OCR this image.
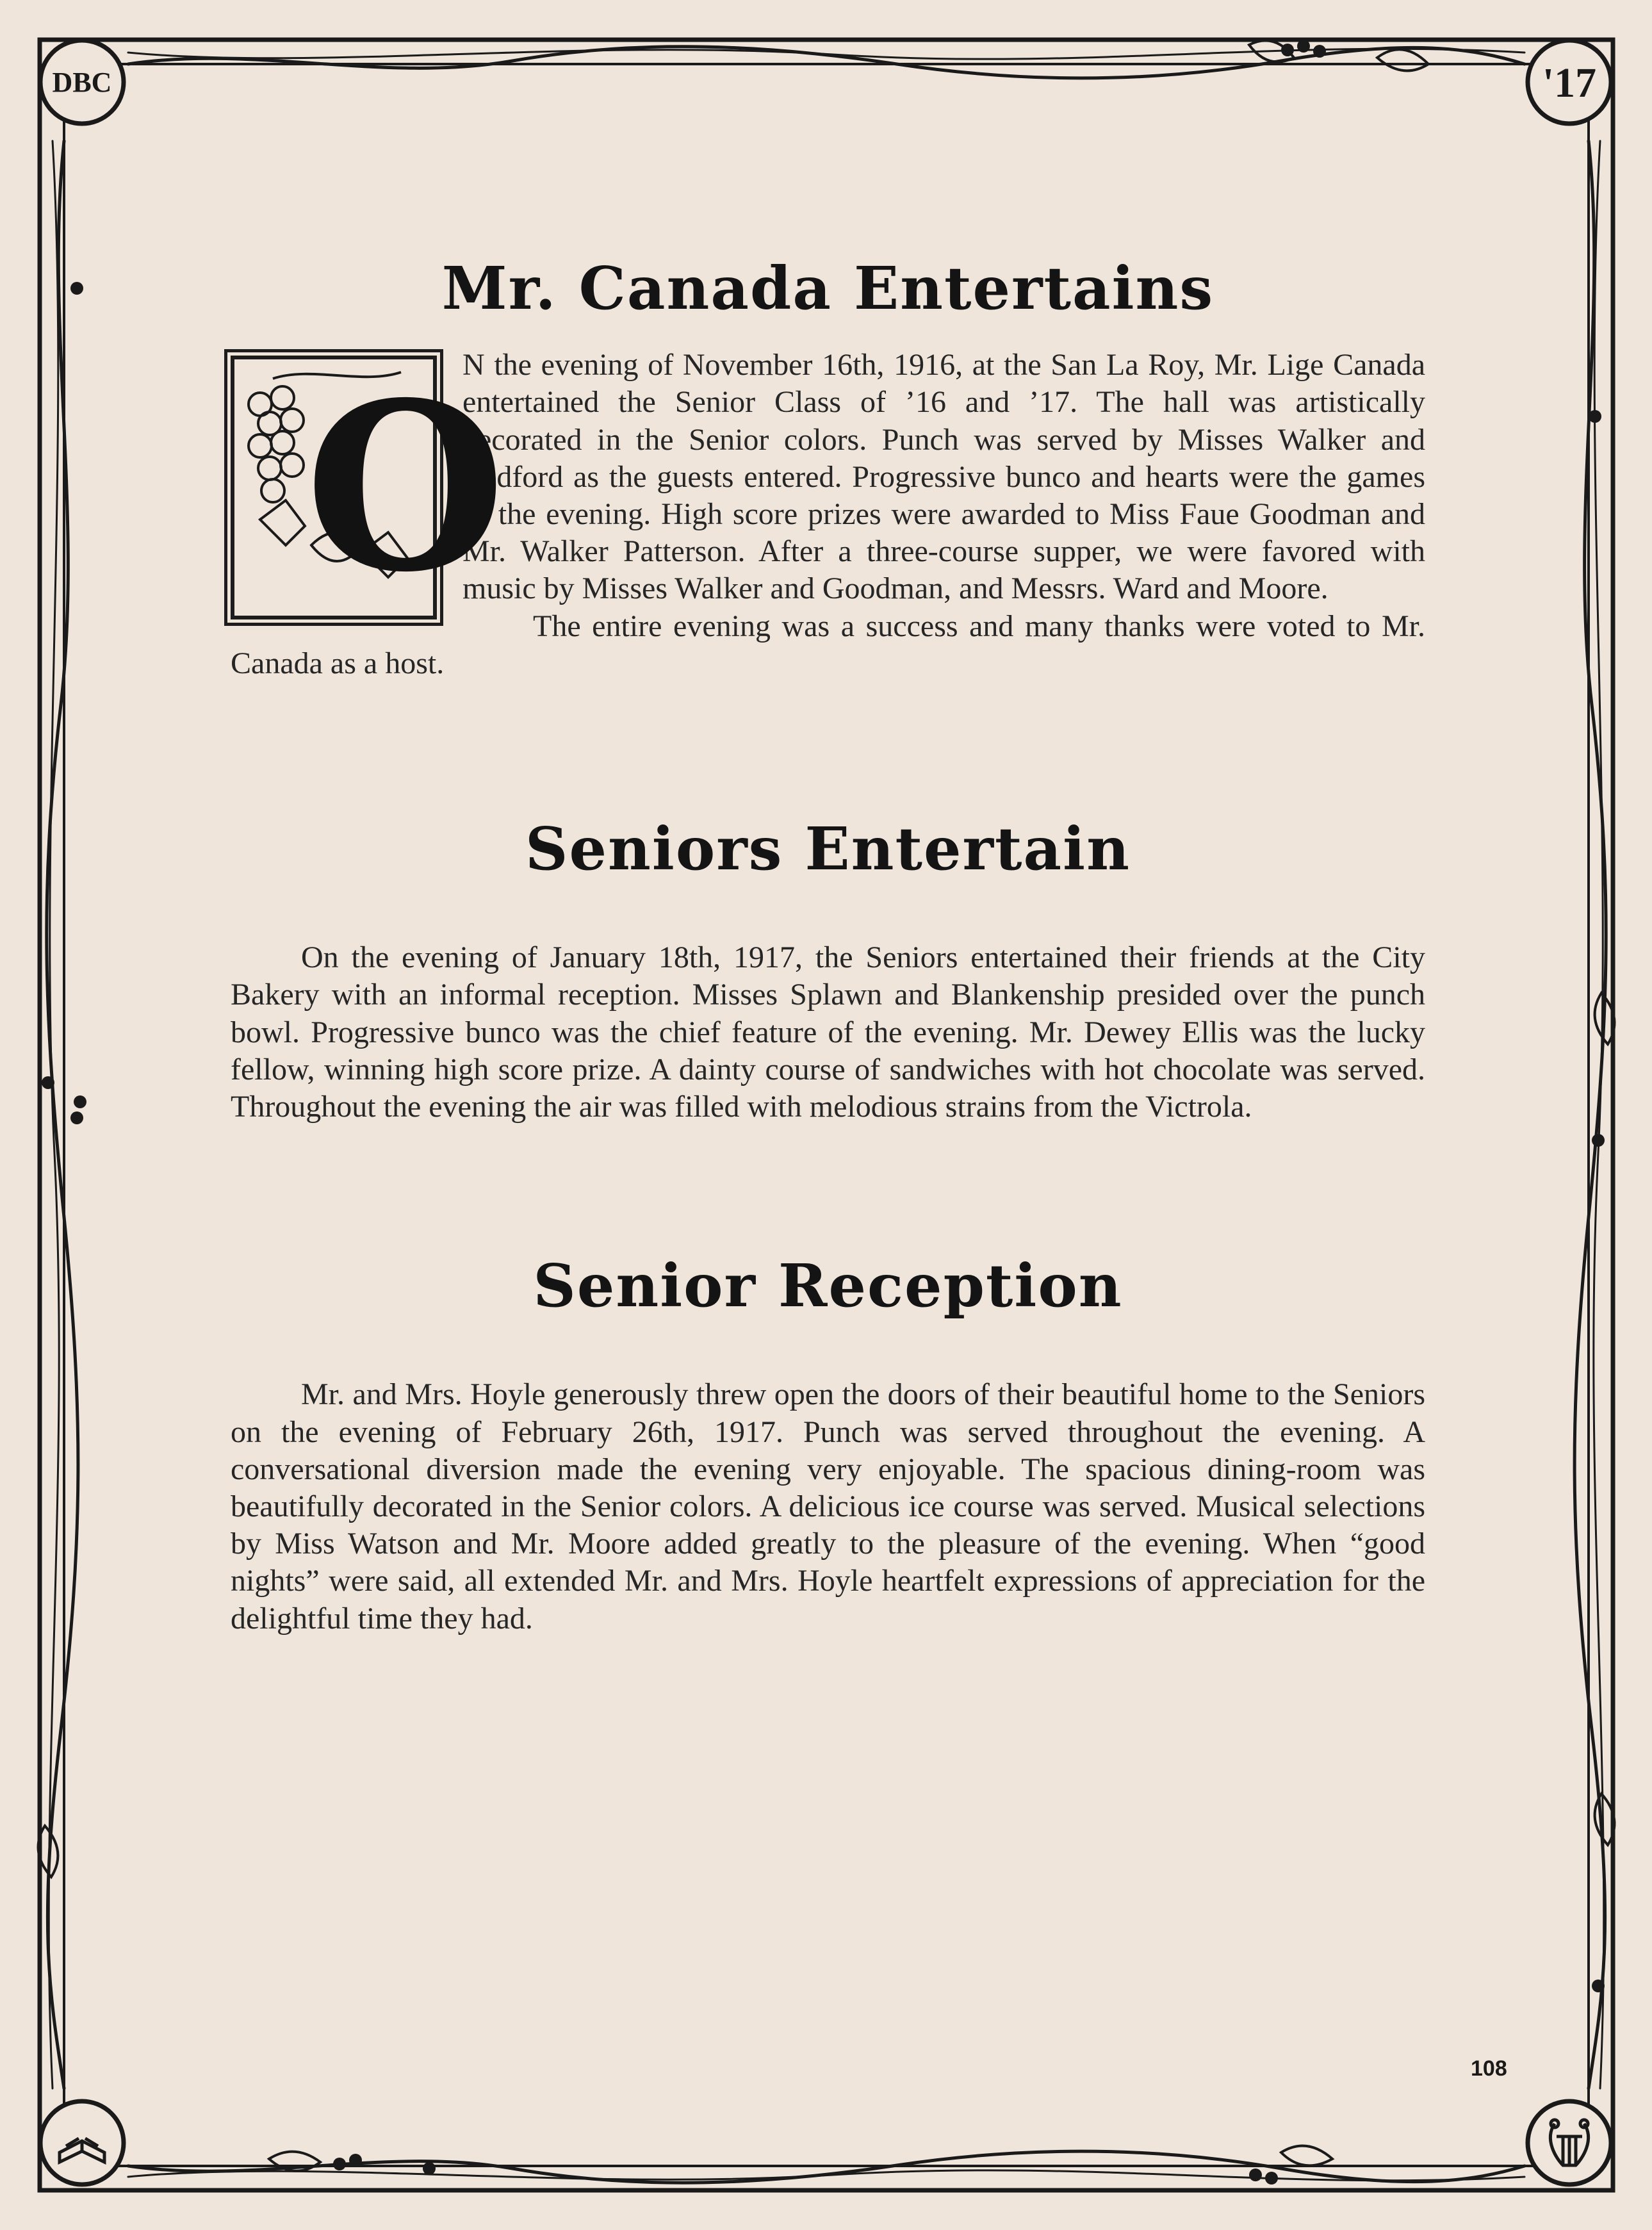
DBC	'17
Mr. Canada Entertains
O

N the evening of November 16th, 1916, at the San La Roy, Mr. Lige Canada entertained the Senior Class of ’16 and ’17. The hall was artistically decorated in the Senior colors. Punch was served by Misses Walker and Redford as the guests entered. Progressive bunco and hearts were the games of the evening. High score prizes were awarded to Miss Faue Goodman and Mr. Walker Patterson. After a three-course supper, we were favored with music by Misses Walker and Goodman, and Messrs. Ward and Moore.

The entire evening was a success and many thanks were voted to Mr. Canada as a host.

Seniors Entertain

On the evening of January 18th, 1917, the Seniors entertained their friends at the City Bakery with an informal reception. Misses Splawn and Blankenship presided over the punch bowl. Progressive bunco was the chief feature of the evening. Mr. Dewey Ellis was the lucky fellow, winning high score prize. A dainty course of sandwiches with hot chocolate was served. Throughout the evening the air was filled with melodious strains from the Victrola.

Senior Reception

Mr. and Mrs. Hoyle generously threw open the doors of their beautiful home to the Seniors on the evening of February 26th, 1917. Punch was served throughout the evening. A conversational diversion made the evening very enjoyable. The spacious dining-room was beautifully decorated in the Senior colors. A delicious ice course was served. Musical selections by Miss Watson and Mr. Moore added greatly to the pleasure of the evening. When “good nights” were said, all extended Mr. and Mrs. Hoyle heartfelt expressions of appreciation for the delightful time they had.

108
